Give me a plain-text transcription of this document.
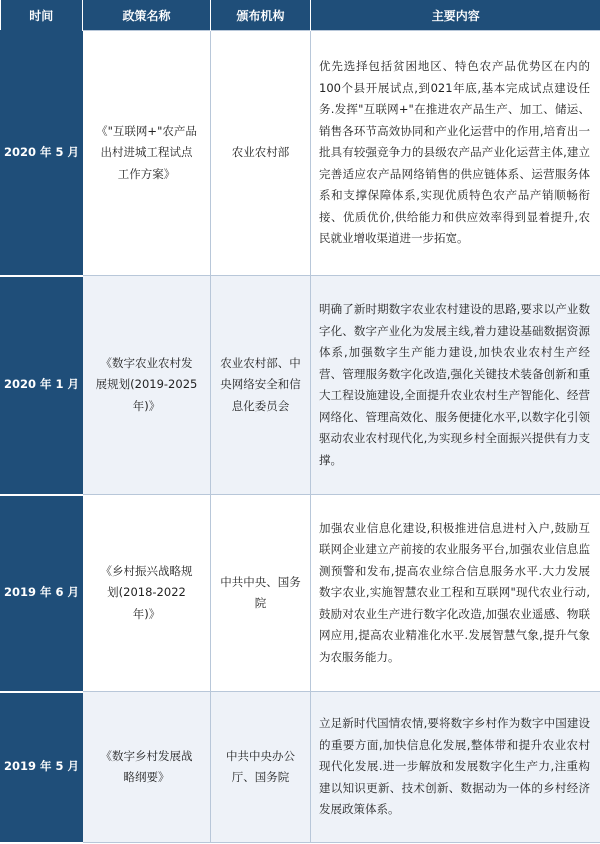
时间	政策名称	颁布机构	主要内容
2020 年 5 月	《"互联网+"农产品出村进城工程试点工作方案》	农业农村部	优先选择包括贫困地区、特色农产品优势区在内的100个县开展试点,到021年底,基本完成试点建设任务.发挥"互联网+"在推进农产品生产、加工、储运、销售各环节高效协同和产业化运营中的作用,培育出一批具有较强竞争力的县级农产品产业化运营主体,建立完善适应农产品网络销售的供应链体系、运营服务体系和支撑保障体系,实现优质特色农产品产销顺畅衔接、优质优价,供给能力和供应效率得到显着提升,农民就业增收渠道进一步拓宽。
2020 年 1 月	《数字农业农村发展规划(2019-2025年)》	农业农村部、中央网络安全和信息化委员会	明确了新时期数字农业农村建设的思路,要求以产业数字化、数字产业化为发展主线,着力建设基础数据资源体系,加强数字生产能力建设,加快农业农村生产经营、管理服务数字化改造,强化关键技术装备创新和重大工程设施建设,全面提升农业农村生产智能化、经营网络化、管理高效化、服务便捷化水平,以数字化引领驱动农业农村现代化,为实现乡村全面振兴提供有力支撑。
2019 年 6 月	《乡村振兴战略规划(2018-2022 年)》	中共中央、国务院	加强农业信息化建设,积极推进信息进村入户,鼓励互联网企业建立产前接的农业服务平台,加强农业信息监测预警和发布,提高农业综合信息服务水平.大力发展数字农业,实施智慧农业工程和互联网"现代农业行动,鼓励对农业生产进行数字化改造,加强农业遥感、物联网应用,提高农业精准化水平.发展智慧气象,提升气象为农服务能力。
2019 年 5 月	《数字乡村发展战略纲要》	中共中央办公厅、国务院	立足新时代国情农情,要将数字乡村作为数字中国建设的重要方面,加快信息化发展,整体带和提升农业农村现代化发展.进一步解放和发展数字化生产力,注重构建以知识更新、技术创新、数据动为一体的乡村经济发展政策体系。
